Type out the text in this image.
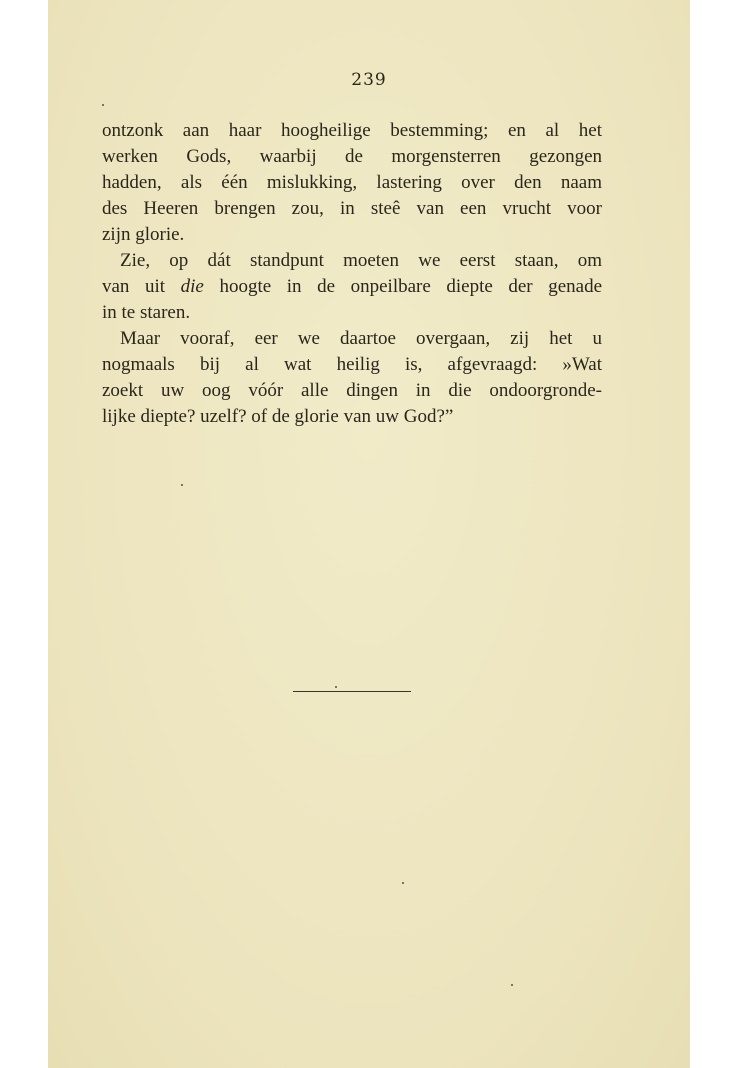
239
ontzonk aan haar hoogheilige bestemming; en al het
werken Gods, waarbij de morgensterren gezongen
hadden, als één mislukking, lastering over den naam
des Heeren brengen zou, in steê van een vrucht voor
zijn glorie.
Zie, op dát standpunt moeten we eerst staan, om
van uit die hoogte in de onpeilbare diepte der genade
in te staren.
Maar vooraf, eer we daartoe overgaan, zij het u
nogmaals bij al wat heilig is, afgevraagd: »Wat
zoekt uw oog vóór alle dingen in die ondoorgronde-
lijke diepte? uzelf? of de glorie van uw God?”
